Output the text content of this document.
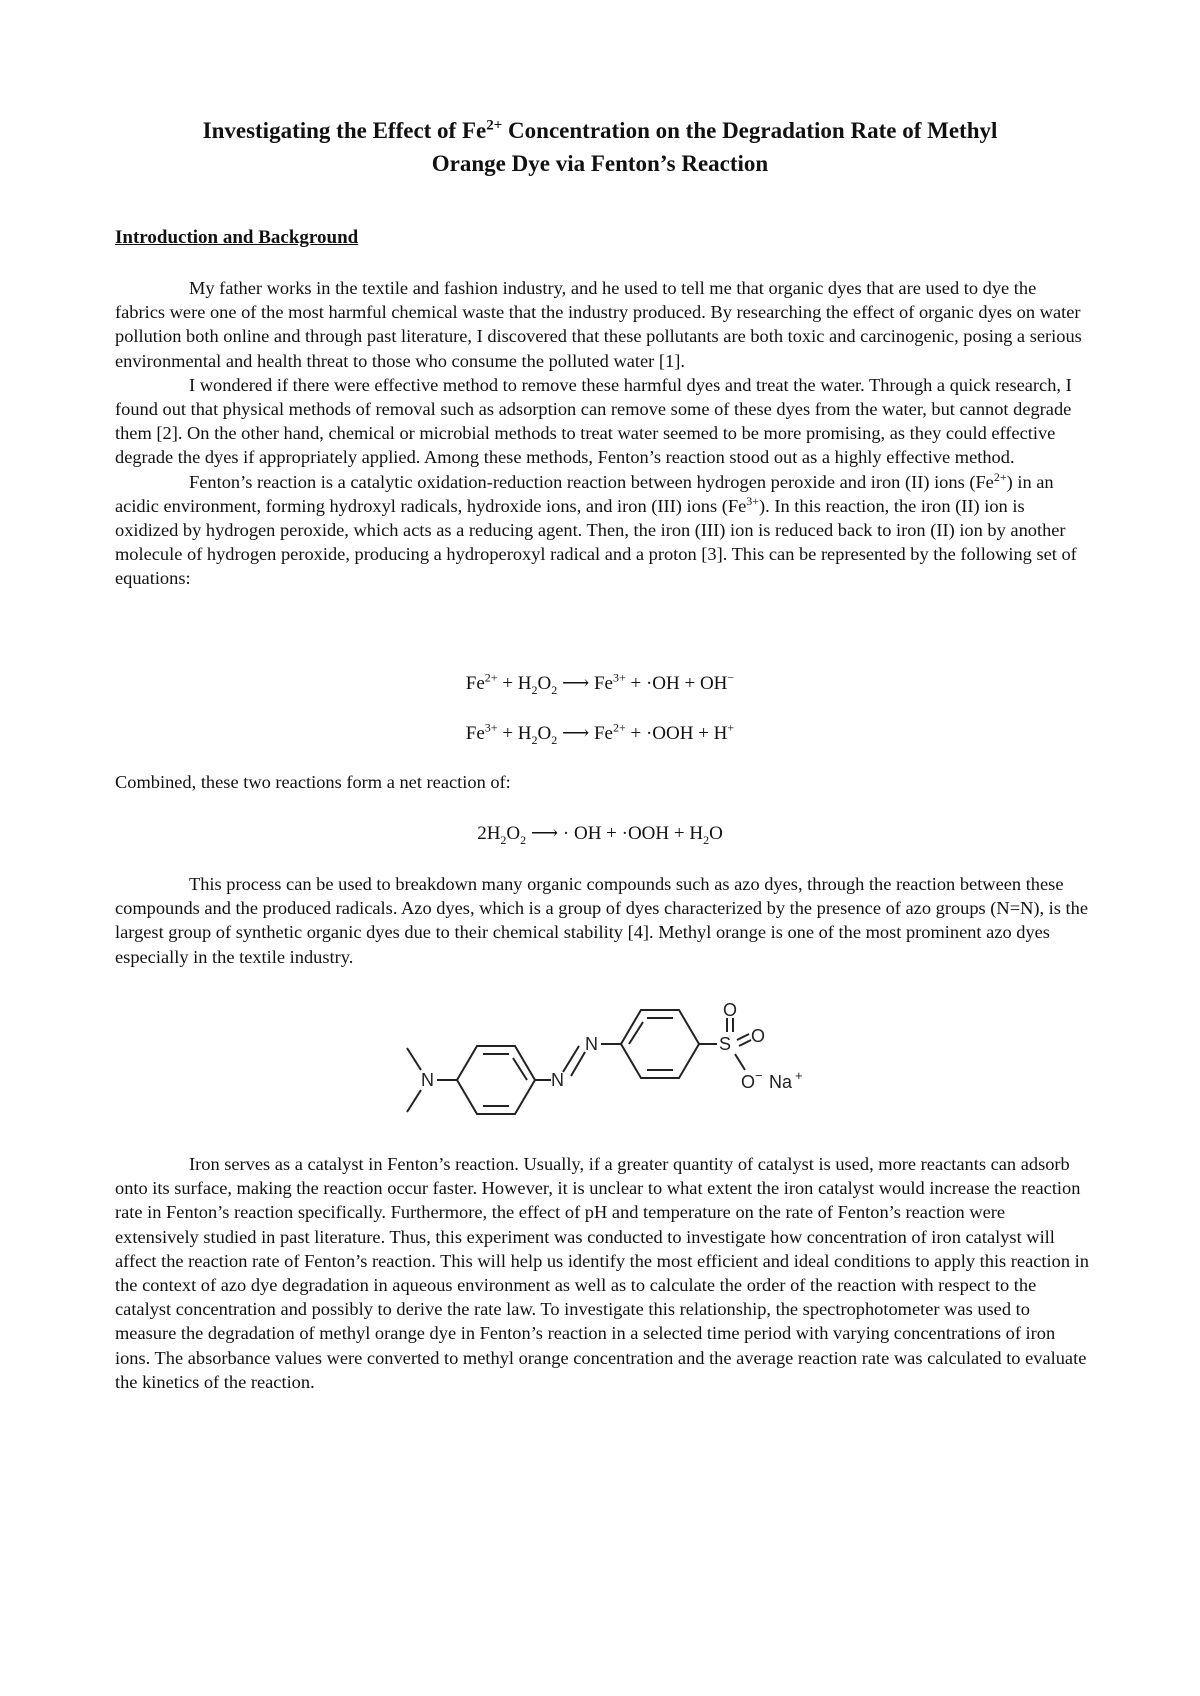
Investigating the Effect of $Fe^{2+}$ Concentration on the Degradation Rate of Methyl
Orange Dye via Fenton’s Reaction
Introduction and Background

My father works in the textile and fashion industry, and he used to tell me that organic dyes that are used to dye the fabrics were one of the most harmful chemical waste that the industry produced. By researching the effect of organic dyes on water pollution both online and through past literature, I discovered that these pollutants are both toxic and carcinogenic, posing a serious environmental and health threat to those who consume the polluted water [1].

I wondered if there were effective method to remove these harmful dyes and treat the water. Through a quick research, I found out that physical methods of removal such as adsorption can remove some of these dyes from the water, but cannot degrade them [2]. On the other hand, chemical or microbial methods to treat water seemed to be more promising, as they could effective degrade the dyes if appropriately applied. Among these methods, Fenton’s reaction stood out as a highly effective method.

Fenton’s reaction is a catalytic oxidation-reduction reaction between hydrogen peroxide and iron (II) ions $(Fe^{2+})$ in an acidic environment, forming hydroxyl radicals, hydroxide ions, and iron (III) ions $(Fe^{3+})$. In this reaction, the iron (II) ion is oxidized by hydrogen peroxide, which acts as a reducing agent. Then, the iron (III) ion is reduced back to iron (II) ion by another molecule of hydrogen peroxide, producing a hydroperoxyl radical and a proton [3]. This can be represented by the following set of equations:

$Fe^{2+} + H_2O_2$ ⟶ $Fe^{3+} + \cdot OH + OH^-$
$Fe^{3+} + H_2O_2$ ⟶ $Fe^{2+} + \cdot OOH + H^+$
Combined, these two reactions form a net reaction of:
$2H_2O_2$ ⟶ · OH + $\cdot OOH + H_2O$

This process can be used to breakdown many organic compounds such as azo dyes, through the reaction between these compounds and the produced radicals. Azo dyes, which is a group of dyes characterized by the presence of azo groups (N=N), is the largest group of synthetic organic dyes due to their chemical stability [4]. Methyl orange is one of the most prominent azo dyes especially in the textile industry.

N	N
N	S
O
O
O − Na +

Iron serves as a catalyst in Fenton’s reaction. Usually, if a greater quantity of catalyst is used, more reactants can adsorb onto its surface, making the reaction occur faster. However, it is unclear to what extent the iron catalyst would increase the reaction rate in Fenton’s reaction specifically. Furthermore, the effect of pH and temperature on the rate of Fenton’s reaction were extensively studied in past literature. Thus, this experiment was conducted to investigate how concentration of iron catalyst will affect the reaction rate of Fenton’s reaction. This will help us identify the most efficient and ideal conditions to apply this reaction in the context of azo dye degradation in aqueous environment as well as to calculate the order of the reaction with respect to the catalyst concentration and possibly to derive the rate law. To investigate this relationship, the spectrophotometer was used to measure the degradation of methyl orange dye in Fenton’s reaction in a selected time period with varying concentrations of iron ions. The absorbance values were converted to methyl orange concentration and the average reaction rate was calculated to evaluate the kinetics of the reaction.
